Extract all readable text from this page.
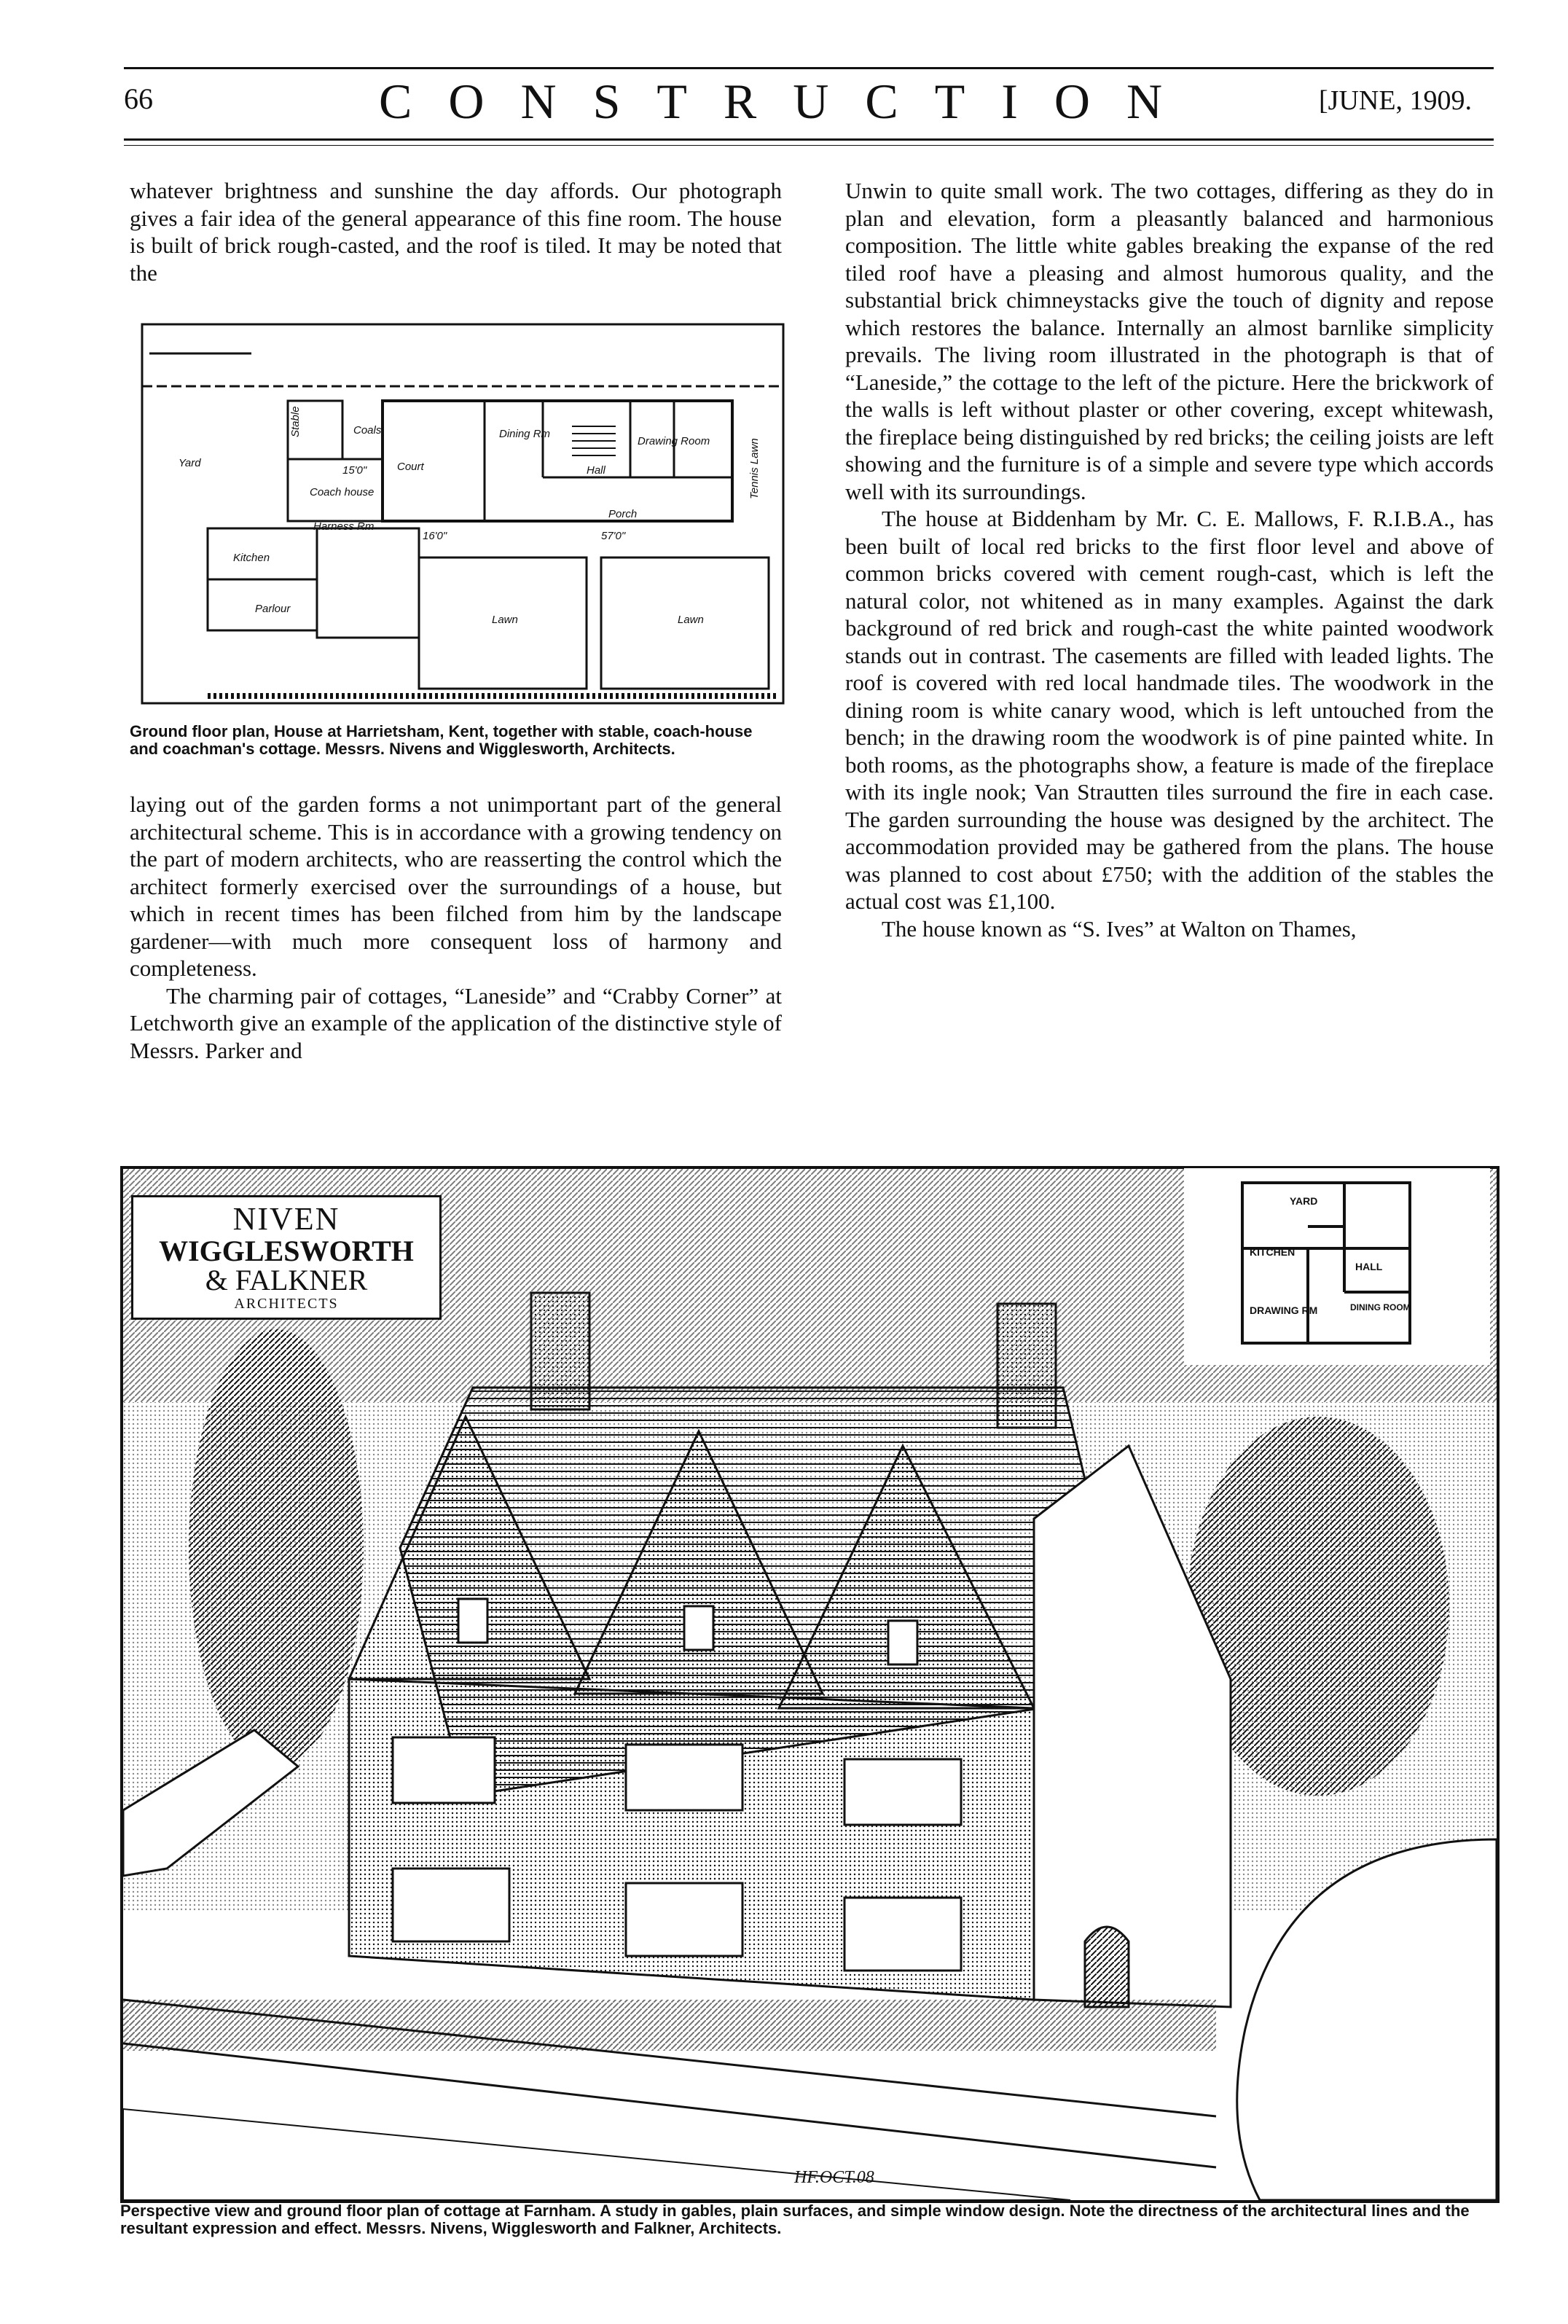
66	CONSTRUCTION	[JUNE, 1909.

whatever brightness and sunshine the day affords. Our photograph gives a fair idea of the general appearance of this fine room. The house is built of brick rough-casted, and the roof is tiled. It may be noted that the

Yard
Stable
Coach house
Harness Rm
Kitchen
Parlour
Coals
Court
Dining Rm
Drawing Room
Hall
Porch
Lawn	Lawn
Tennis Lawn
15'0"
16'0"	57'0"
Ground floor plan, House at Harrietsham, Kent, together with stable, coach-house and coachman's cottage. Messrs. Nivens and Wigglesworth, Architects.

laying out of the garden forms a not unimportant part of the general architectural scheme. This is in accordance with a growing tendency on the part of modern architects, who are reasserting the control which the architect formerly exercised over the surroundings of a house, but which in recent times has been filched from him by the landscape gardener—with much more consequent loss of harmony and completeness.

The charming pair of cottages, “Laneside” and “Crabby Corner” at Letchworth give an example of the application of the distinctive style of Messrs. Parker and

Unwin to quite small work. The two cottages, differing as they do in plan and elevation, form a pleasantly balanced and harmonious composition. The little white gables breaking the expanse of the red tiled roof have a pleasing and almost humorous quality, and the substantial brick chimneystacks give the touch of dignity and repose which restores the balance. Internally an almost barnlike simplicity prevails. The living room illustrated in the photograph is that of “Laneside,” the cottage to the left of the picture. Here the brickwork of the walls is left without plaster or other covering, except whitewash, the fireplace being distinguished by red bricks; the ceiling joists are left showing and the furniture is of a simple and severe type which accords well with its surroundings.

The house at Biddenham by Mr. C. E. Mallows, F. R.I.B.A., has been built of local red bricks to the first floor level and above of common bricks covered with cement rough-cast, which is left the natural color, not whitened as in many examples. Against the dark background of red brick and rough-cast the white painted woodwork stands out in contrast. The casements are filled with leaded lights. The roof is covered with red local handmade tiles. The woodwork in the dining room is white canary wood, which is left untouched from the bench; in the drawing room the woodwork is of pine painted white. In both rooms, as the photographs show, a feature is made of the fireplace with its ingle nook; Van Strautten tiles surround the fire in each case. The garden surrounding the house was designed by the architect. The accommodation provided may be gathered from the plans. The house was planned to cost about £750; with the addition of the stables the actual cost was £1,100.

The house known as “S. Ives” at Walton on Thames,

NIVEN
WIGGLESWORTH
& FALKNER
ARCHITECTS
YARD
KITCHEN
HALL
DRAWING RM	DINING ROOM
HF.OCT.08
Perspective view and ground floor plan of cottage at Farnham. A study in gables, plain surfaces, and simple window design. Note the directness of the architectural lines and the resultant expression and effect. Messrs. Nivens, Wigglesworth and Falkner, Architects.
